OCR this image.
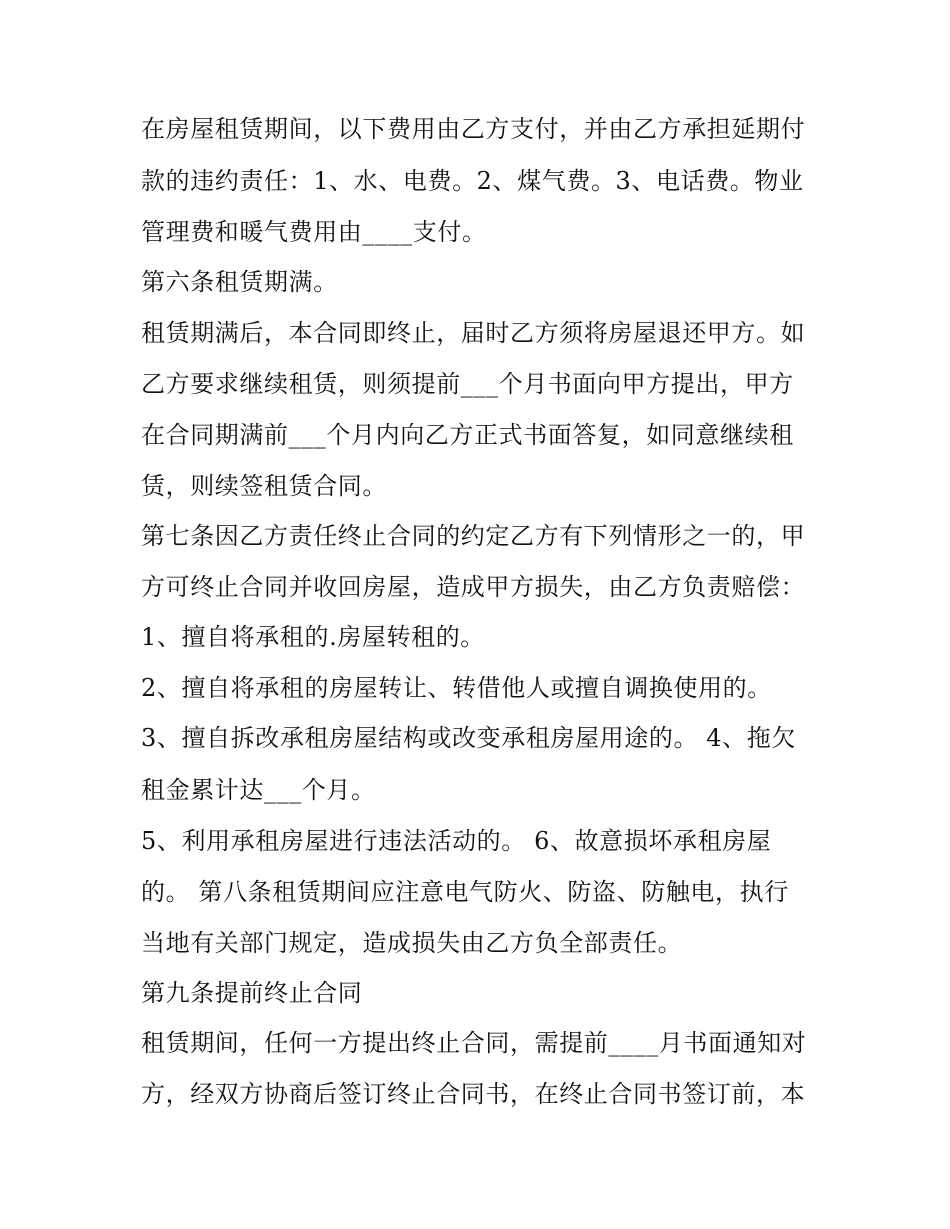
在房屋租赁期间，以下费用由乙方支付，并由乙方承担延期付
款的违约责任：1、水、电费。2、煤气费。3、电话费。物业
管理费和暖气费用由____支付。
第六条租赁期满。
租赁期满后，本合同即终止，届时乙方须将房屋退还甲方。如
乙方要求继续租赁，则须提前___个月书面向甲方提出，甲方
在合同期满前___个月内向乙方正式书面答复，如同意继续租
赁，则续签租赁合同。
第七条因乙方责任终止合同的约定乙方有下列情形之一的，甲
方可终止合同并收回房屋，造成甲方损失，由乙方负责赔偿：
1、擅自将承租的.房屋转租的。
2、擅自将承租的房屋转让、转借他人或擅自调换使用的。
3、擅自拆改承租房屋结构或改变承租房屋用途的。 4、拖欠
租金累计达___个月。
5、利用承租房屋进行违法活动的。 6、故意损坏承租房屋
的。 第八条租赁期间应注意电气防火、防盗、防触电，执行
当地有关部门规定，造成损失由乙方负全部责任。
第九条提前终止合同
租赁期间，任何一方提出终止合同，需提前____月书面通知对
方，经双方协商后签订终止合同书，在终止合同书签订前，本
